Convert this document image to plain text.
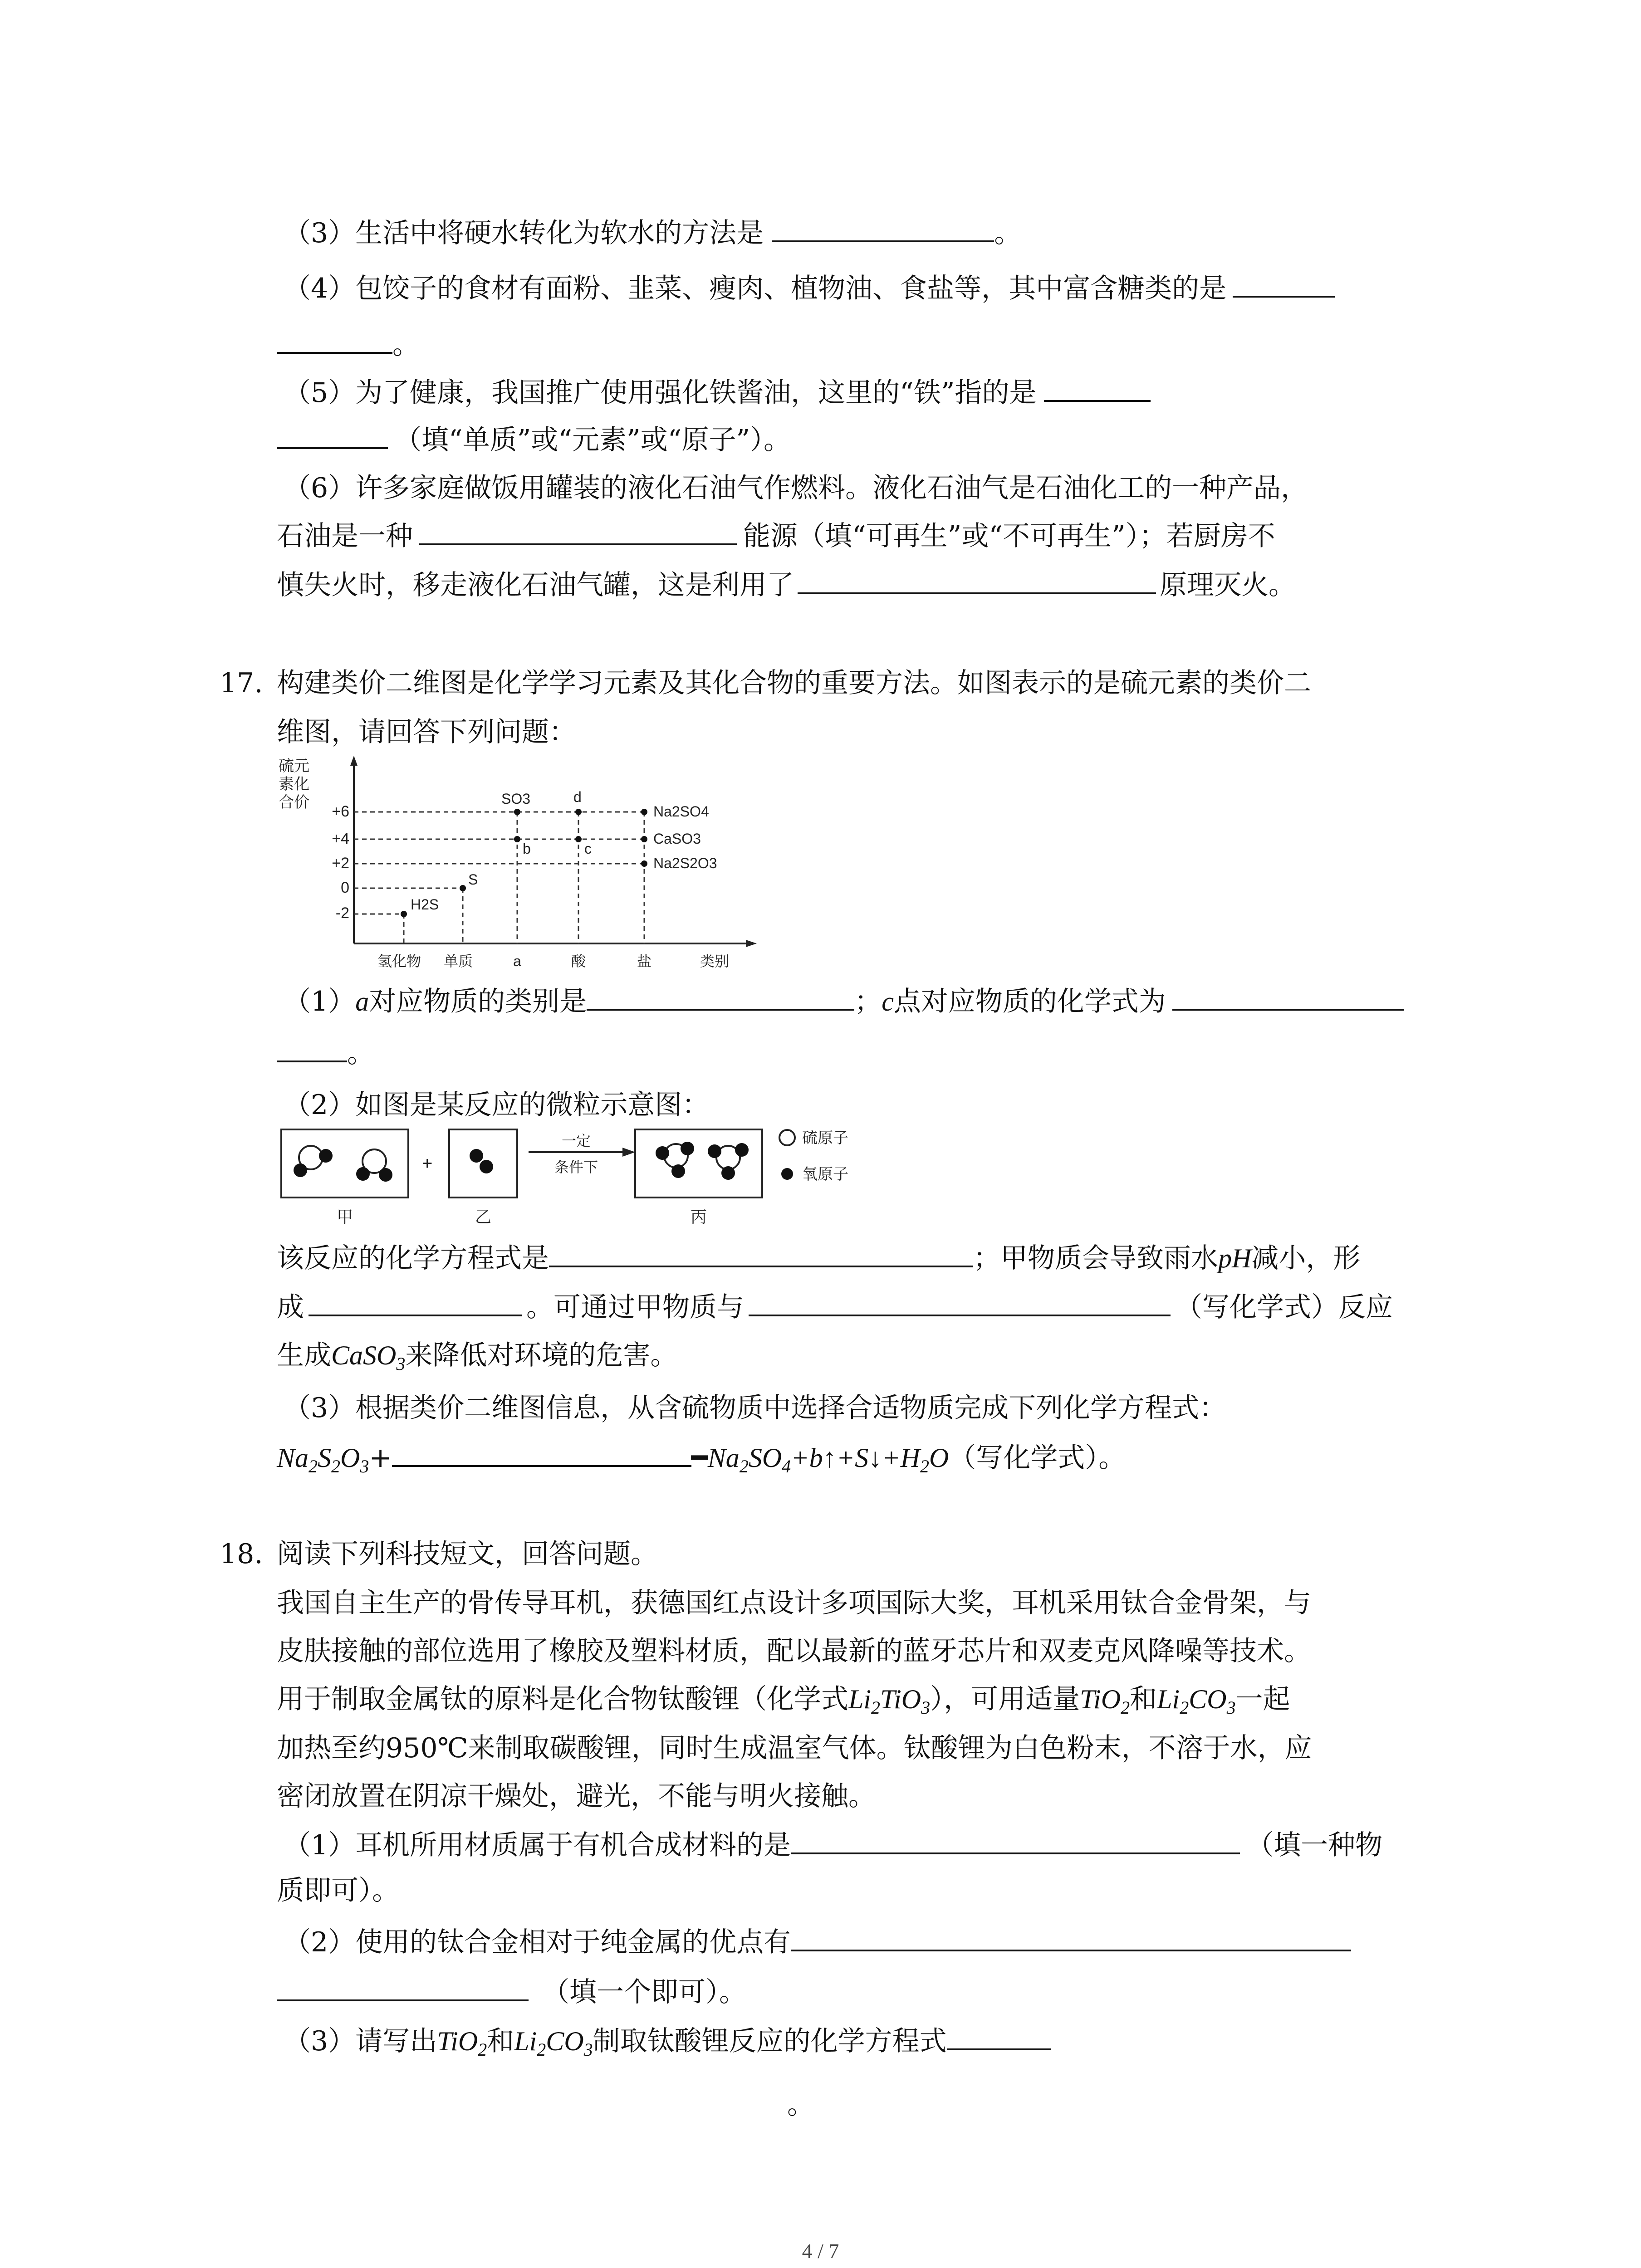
（3）生活中将硬水转化为软水的方法是	。
（4）包饺子的食材有面粉、韭菜、瘦肉、植物油、食盐等，其中富含糖类的是
。
（5）为了健康，我国推广使用强化铁酱油，这里的“铁”指的是
（填“单质”或“元素”或“原子”）。
（6）许多家庭做饭用罐装的液化石油气作燃料。液化石油气是石油化工的一种产品，
石油是一种	能源（填“可再生”或“不可再生”）；若厨房不
慎失火时，移走液化石油气罐，这是利用了	原理灭火。
17. 构建类价二维图是化学学习元素及其化合物的重要方法。如图表示的是硫元素的类价二
维图，请回答下列问题：
硫元
素化
合价
+6
+4
+2
0
-2	H2S
S
SO3
b
d
c
Na2SO4
CaSO3
Na2S2O3
氢化物 单质	a	酸	盐	类别
（1）a对应物质的类别是	；c点对应物质的化学式为
。
（2）如图是某反应的微粒示意图：
+
一定
条件下
硫原子
氧原子
甲	乙	丙
该反应的化学方程式是	；甲物质会导致雨水pH减小，形
成	。可通过甲物质与	（写化学式）反应
生成CaSO$_3$来降低对环境的危害。
（3）根据类价二维图信息，从含硫物质中选择合适物质完成下列化学方程式：
$Na_2S_2O_3+$	$━Na_2SO_4+b↑+S↓+H_2O$（写化学式）。
18. 阅读下列科技短文，回答问题。
我国自主生产的骨传导耳机，获德国红点设计多项国际大奖，耳机采用钛合金骨架，与
皮肤接触的部位选用了橡胶及塑料材质，配以最新的蓝牙芯片和双麦克风降噪等技术。
用于制取金属钛的原料是化合物钛酸锂（化学式$Li_2TiO_3$），可用适量TiO$_2$和$Li_2CO_3$一起
加热至约950℃来制取碳酸锂，同时生成温室气体。钛酸锂为白色粉末，不溶于水，应
密闭放置在阴凉干燥处，避光，不能与明火接触。
（1）耳机所用材质属于有机合成材料的是	（填一种物
质即可）。
（2）使用的钛合金相对于纯金属的优点有
（填一个即可）。
（3）请写出TiO$_2$和$Li_2CO_3$制取钛酸锂反应的化学方程式
。
4 / 7
